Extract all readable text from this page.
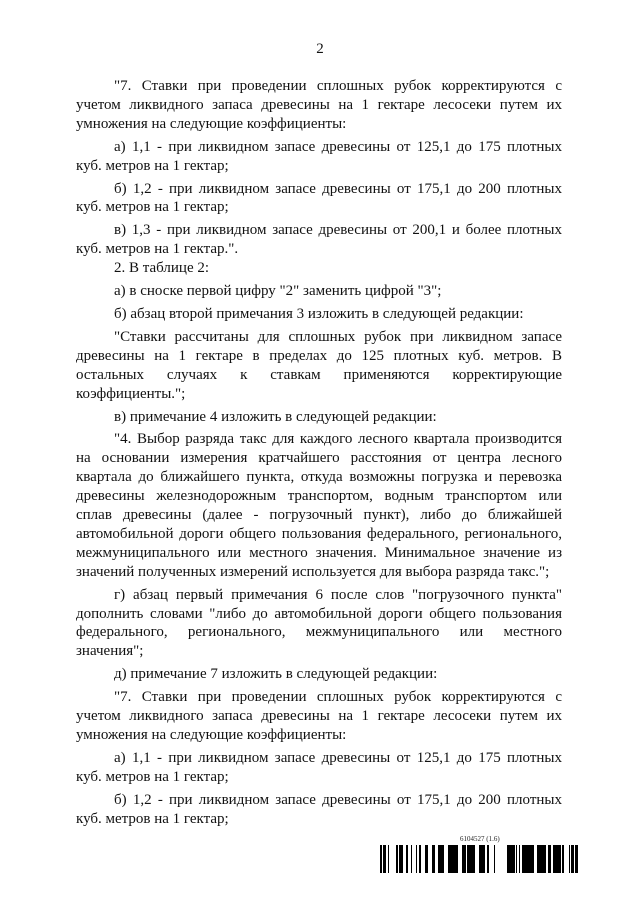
2

"7. Ставки при проведении сплошных рубок корректируются с учетом ликвидного запаса древесины на 1 гектаре лесосеки путем их умножения на следующие коэффициенты:

а) 1,1 - при ликвидном запасе древесины от 125,1 до 175 плотных куб. метров на 1 гектар;

б) 1,2 - при ликвидном запасе древесины от 175,1 до 200 плотных куб. метров на 1 гектар;

в) 1,3 - при ликвидном запасе древесины от 200,1 и более плотных куб. метров на 1 гектар.".

2. В таблице 2:

а) в сноске первой цифру "2" заменить цифрой "3";

б) абзац второй примечания 3 изложить в следующей редакции:

"Ставки рассчитаны для сплошных рубок при ликвидном запасе древесины на 1 гектаре в пределах до 125 плотных куб. метров. В остальных случаях к ставкам применяются корректирующие коэффициенты.";

в) примечание 4 изложить в следующей редакции:

"4. Выбор разряда такс для каждого лесного квартала производится на основании измерения кратчайшего расстояния от центра лесного квартала до ближайшего пункта, откуда возможны погрузка и перевозка древесины железнодорожным транспортом, водным транспортом или сплав древесины (далее - погрузочный пункт), либо до ближайшей автомобильной дороги общего пользования федерального, регионального, межмуниципального или местного значения. Минимальное значение из значений полученных измерений используется для выбора разряда такс.";

г) абзац первый примечания 6 после слов "погрузочного пункта" дополнить словами "либо до автомобильной дороги общего пользования федерального, регионального, межмуниципального или местного значения";

д) примечание 7 изложить в следующей редакции:

"7. Ставки при проведении сплошных рубок корректируются с учетом ликвидного запаса древесины на 1 гектаре лесосеки путем их умножения на следующие коэффициенты:

а) 1,1 - при ликвидном запасе древесины от 125,1 до 175 плотных куб. метров на 1 гектар;

б) 1,2 - при ликвидном запасе древесины от 175,1 до 200 плотных куб. метров на 1 гектар;

6104527 (1.6)
